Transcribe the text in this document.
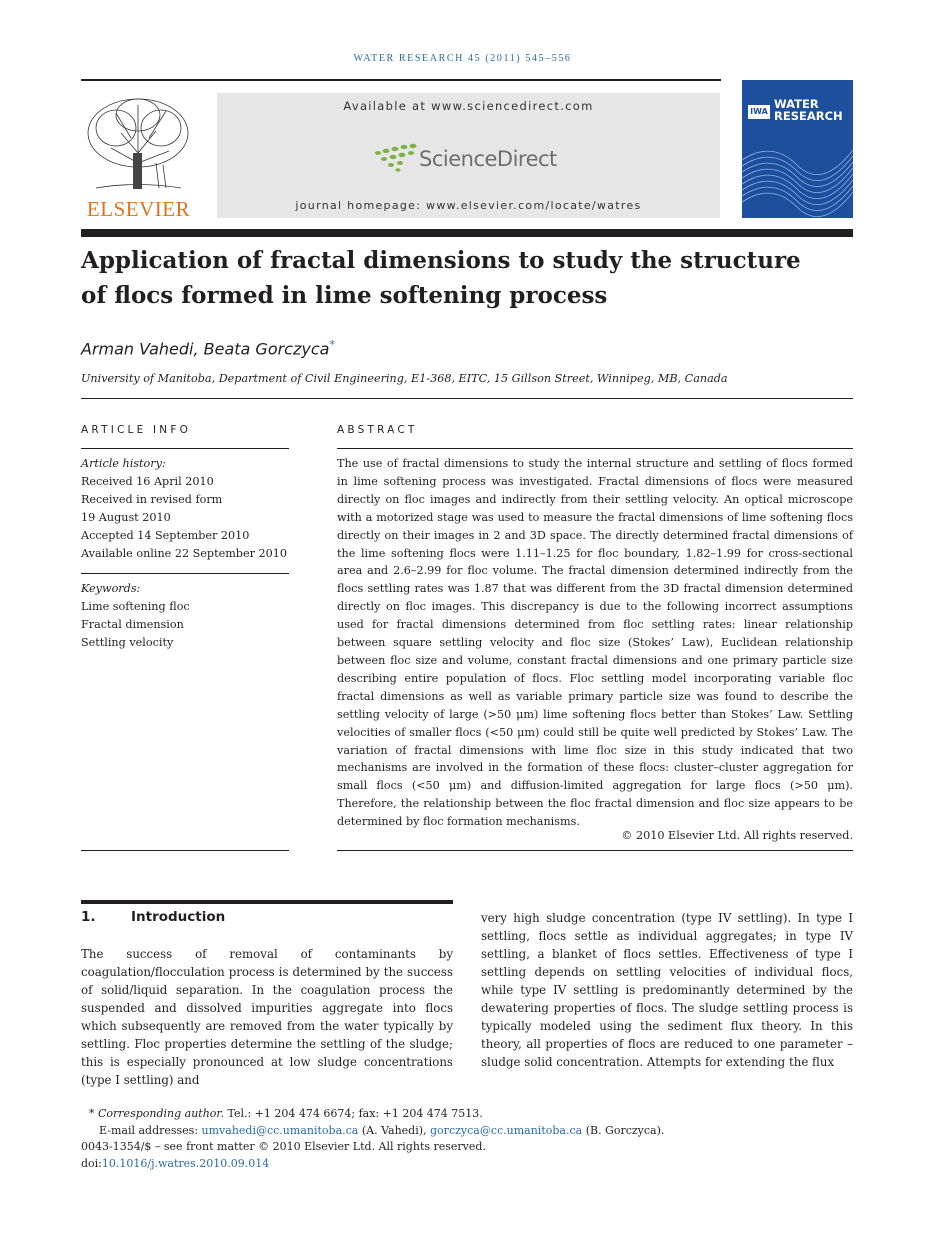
WATER RESEARCH 45 (2011) 545–556
ELSEVIER
Available at www.sciencedirect.com
ScienceDirect
journal homepage: www.elsevier.com/locate/watres
IWA
WATER
RESEARCH
Application of fractal dimensions to study the structure
of flocs formed in lime softening process
Arman Vahedi, Beata Gorczyca*
University of Manitoba, Department of Civil Engineering, E1-368, EITC, 15 Gillson Street, Winnipeg, MB, Canada
ARTICLE INFO	ABSTRACT
Article history:
Received 16 April 2010
Received in revised form
19 August 2010
Accepted 14 September 2010
Available online 22 September 2010
Keywords:
Lime softening floc
Fractal dimension
Settling velocity
The use of fractal dimensions to study the internal structure and settling of flocs formed in lime softening process was investigated. Fractal dimensions of flocs were measured directly on floc images and indirectly from their settling velocity. An optical microscope with a motorized stage was used to measure the fractal dimensions of lime softening flocs directly on their images in 2 and 3D space. The directly determined fractal dimensions of the lime softening flocs were 1.11–1.25 for floc boundary, 1.82–1.99 for cross-sectional area and 2.6–2.99 for floc volume. The fractal dimension determined indirectly from the flocs settling rates was 1.87 that was different from the 3D fractal dimension determined directly on floc images. This discrepancy is due to the following incorrect assumptions used for fractal dimensions determined from floc settling rates: linear relationship between square settling velocity and floc size (Stokes’ Law), Euclidean relationship between floc size and volume, constant fractal dimensions and one primary particle size describing entire population of flocs. Floc settling model incorporating variable floc fractal dimensions as well as variable primary particle size was found to describe the settling velocity of large (>50 μm) lime softening flocs better than Stokes’ Law. Settling velocities of smaller flocs (<50 μm) could still be quite well predicted by Stokes’ Law. The variation of fractal dimensions with lime floc size in this study indicated that two mechanisms are involved in the formation of these flocs: cluster–cluster aggregation for small flocs (<50 μm) and diffusion-limited aggregation for large flocs (>50 μm). Therefore, the relationship between the floc fractal dimension and floc size appears to be determined by floc formation mechanisms.
© 2010 Elsevier Ltd. All rights reserved.
1.	Introduction
The success of removal of contaminants by coagulation/flocculation process is determined by the success of solid/liquid separation. In the coagulation process the suspended and dissolved impurities aggregate into flocs which subsequently are removed from the water typically by settling. Floc properties determine the settling of the sludge; this is especially pronounced at low sludge concentrations (type I settling) and
very high sludge concentration (type IV settling). In type I settling, flocs settle as individual aggregates; in type IV settling, a blanket of flocs settles. Effectiveness of type I settling depends on settling velocities of individual flocs, while type IV settling is predominantly determined by the dewatering properties of flocs. The sludge settling process is typically modeled using the sediment flux theory. In this theory, all properties of flocs are reduced to one parameter – sludge solid concentration. Attempts for extending the flux
* Corresponding author. Tel.: +1 204 474 6674; fax: +1 204 474 7513.
E-mail addresses: umvahedi@cc.umanitoba.ca (A. Vahedi), gorczyca@cc.umanitoba.ca (B. Gorczyca).
0043-1354/$ – see front matter © 2010 Elsevier Ltd. All rights reserved.
doi:10.1016/j.watres.2010.09.014
